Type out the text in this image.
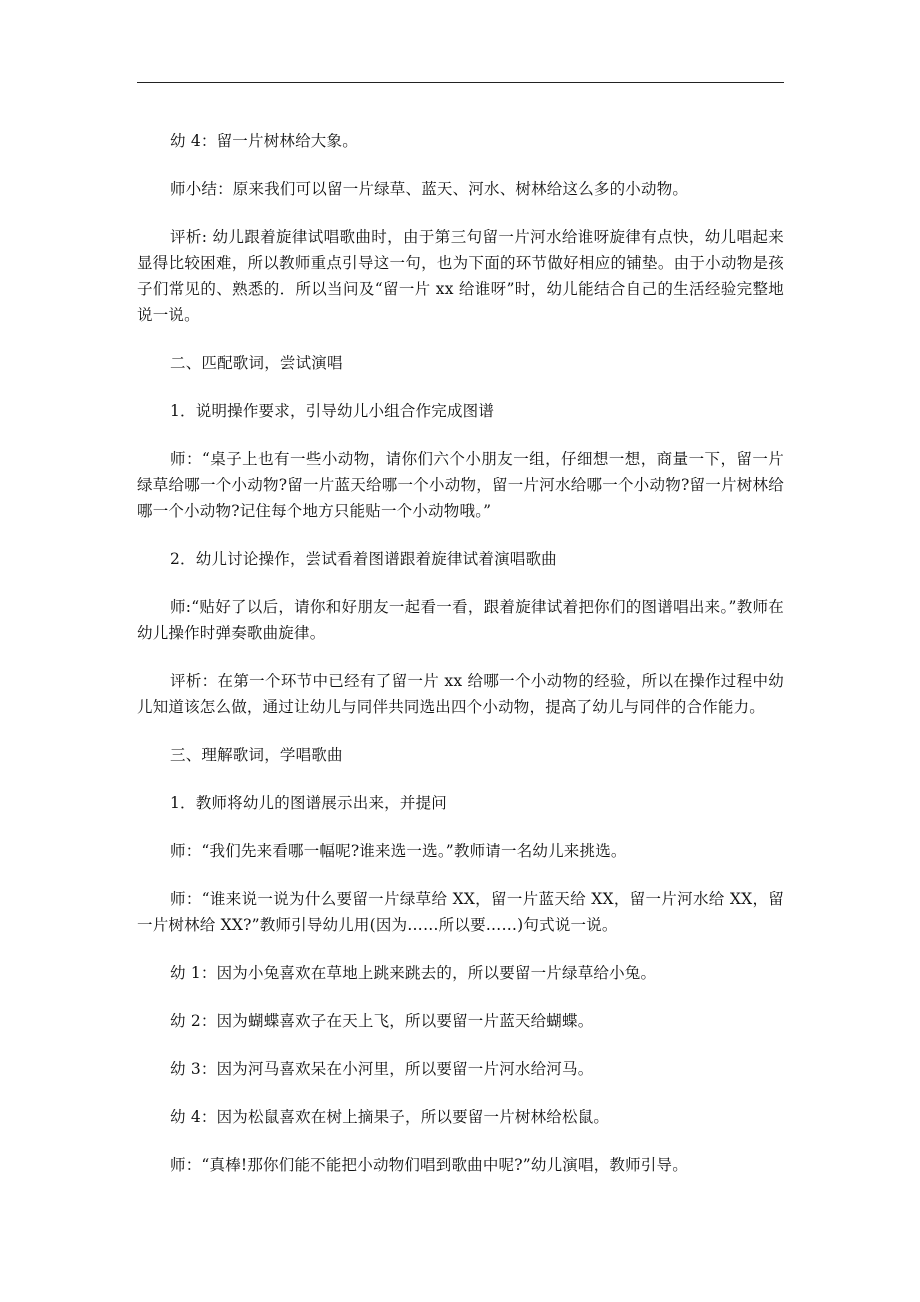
幼 4：留一片树林给大象。

师小结：原来我们可以留一片绿草、蓝天、河水、树林给这么多的小动物。

评析: 幼儿跟着旋律试唱歌曲时，由于第三句留一片河水给谁呀旋律有点快，幼儿唱起来显得比较困难，所以教师重点引导这一句，也为下面的环节做好相应的铺垫。由于小动物是孩子们常见的、熟悉的．所以当问及“留一片 xx 给谁呀”时，幼儿能结合自己的生活经验完整地说一说。

二、匹配歌词，尝试演唱

1．说明操作要求，引导幼儿小组合作完成图谱

师：“桌子上也有一些小动物，请你们六个小朋友一组，仔细想一想，商量一下，留一片绿草给哪一个小动物?留一片蓝天给哪一个小动物，留一片河水给哪一个小动物?留一片树林给哪一个小动物?记住每个地方只能贴一个小动物哦。”

2．幼儿讨论操作，尝试看着图谱跟着旋律试着演唱歌曲

师:“贴好了以后，请你和好朋友一起看一看，跟着旋律试着把你们的图谱唱出来。”教师在幼儿操作时弹奏歌曲旋律。

评析：在第一个环节中已经有了留一片 xx 给哪一个小动物的经验，所以在操作过程中幼儿知道该怎么做，通过让幼儿与同伴共同选出四个小动物，提高了幼儿与同伴的合作能力。

三、理解歌词，学唱歌曲

1．教师将幼儿的图谱展示出来，并提问

师：“我们先来看哪一幅呢?谁来选一选。”教师请一名幼儿来挑选。

师：“谁来说一说为什么要留一片绿草给 XX，留一片蓝天给 XX，留一片河水给 XX，留一片树林给 XX?”教师引导幼儿用(因为……所以要……)句式说一说。

幼 1：因为小兔喜欢在草地上跳来跳去的，所以要留一片绿草给小兔。

幼 2：因为蝴蝶喜欢子在天上飞，所以要留一片蓝天给蝴蝶。

幼 3：因为河马喜欢呆在小河里，所以要留一片河水给河马。

幼 4：因为松鼠喜欢在树上摘果子，所以要留一片树林给松鼠。

师：“真棒!那你们能不能把小动物们唱到歌曲中呢?”幼儿演唱，教师引导。
